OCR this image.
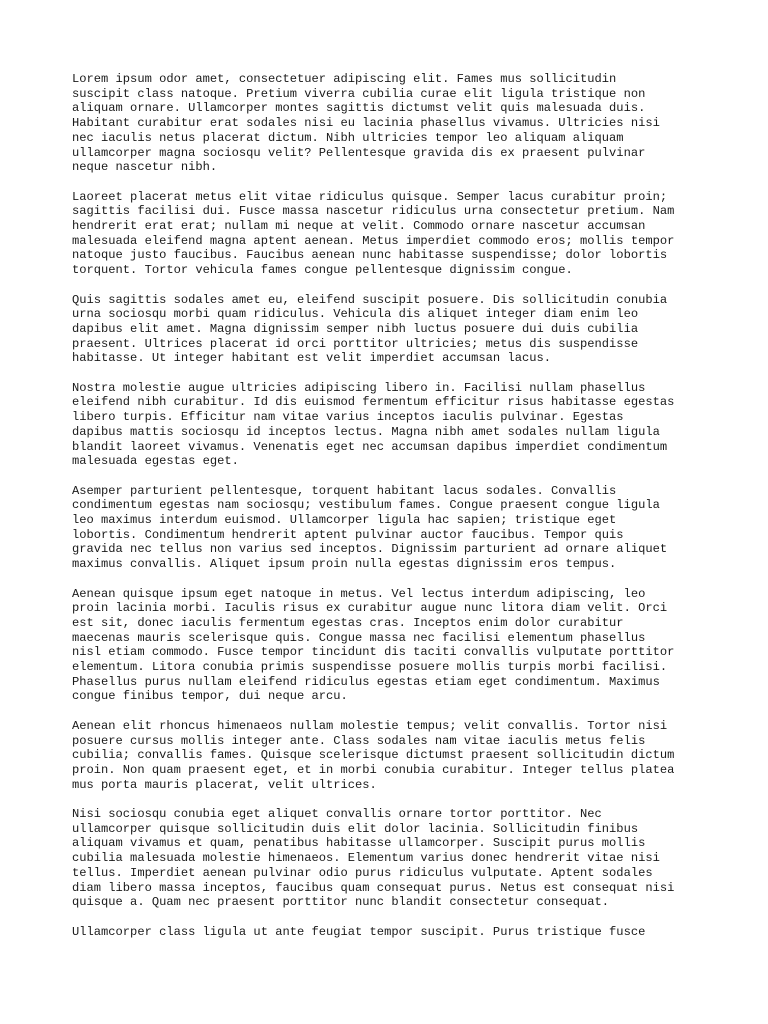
Lorem ipsum odor amet, consectetuer adipiscing elit. Fames mus sollicitudin
suscipit class natoque. Pretium viverra cubilia curae elit ligula tristique non
aliquam ornare. Ullamcorper montes sagittis dictumst velit quis malesuada duis.
Habitant curabitur erat sodales nisi eu lacinia phasellus vivamus. Ultricies nisi
nec iaculis netus placerat dictum. Nibh ultricies tempor leo aliquam aliquam
ullamcorper magna sociosqu velit? Pellentesque gravida dis ex praesent pulvinar
neque nascetur nibh.

Laoreet placerat metus elit vitae ridiculus quisque. Semper lacus curabitur proin;
sagittis facilisi dui. Fusce massa nascetur ridiculus urna consectetur pretium. Nam
hendrerit erat erat; nullam mi neque at velit. Commodo ornare nascetur accumsan
malesuada eleifend magna aptent aenean. Metus imperdiet commodo eros; mollis tempor
natoque justo faucibus. Faucibus aenean nunc habitasse suspendisse; dolor lobortis
torquent. Tortor vehicula fames congue pellentesque dignissim congue.

Quis sagittis sodales amet eu, eleifend suscipit posuere. Dis sollicitudin conubia
urna sociosqu morbi quam ridiculus. Vehicula dis aliquet integer diam enim leo
dapibus elit amet. Magna dignissim semper nibh luctus posuere dui duis cubilia
praesent. Ultrices placerat id orci porttitor ultricies; metus dis suspendisse
habitasse. Ut integer habitant est velit imperdiet accumsan lacus.

Nostra molestie augue ultricies adipiscing libero in. Facilisi nullam phasellus
eleifend nibh curabitur. Id dis euismod fermentum efficitur risus habitasse egestas
libero turpis. Efficitur nam vitae varius inceptos iaculis pulvinar. Egestas
dapibus mattis sociosqu id inceptos lectus. Magna nibh amet sodales nullam ligula
blandit laoreet vivamus. Venenatis eget nec accumsan dapibus imperdiet condimentum
malesuada egestas eget.

Asemper parturient pellentesque, torquent habitant lacus sodales. Convallis
condimentum egestas nam sociosqu; vestibulum fames. Congue praesent congue ligula
leo maximus interdum euismod. Ullamcorper ligula hac sapien; tristique eget
lobortis. Condimentum hendrerit aptent pulvinar auctor faucibus. Tempor quis
gravida nec tellus non varius sed inceptos. Dignissim parturient ad ornare aliquet
maximus convallis. Aliquet ipsum proin nulla egestas dignissim eros tempus.

Aenean quisque ipsum eget natoque in metus. Vel lectus interdum adipiscing, leo
proin lacinia morbi. Iaculis risus ex curabitur augue nunc litora diam velit. Orci
est sit, donec iaculis fermentum egestas cras. Inceptos enim dolor curabitur
maecenas mauris scelerisque quis. Congue massa nec facilisi elementum phasellus
nisl etiam commodo. Fusce tempor tincidunt dis taciti convallis vulputate porttitor
elementum. Litora conubia primis suspendisse posuere mollis turpis morbi facilisi.
Phasellus purus nullam eleifend ridiculus egestas etiam eget condimentum. Maximus
congue finibus tempor, dui neque arcu.

Aenean elit rhoncus himenaeos nullam molestie tempus; velit convallis. Tortor nisi
posuere cursus mollis integer ante. Class sodales nam vitae iaculis metus felis
cubilia; convallis fames. Quisque scelerisque dictumst praesent sollicitudin dictum
proin. Non quam praesent eget, et in morbi conubia curabitur. Integer tellus platea
mus porta mauris placerat, velit ultrices.

Nisi sociosqu conubia eget aliquet convallis ornare tortor porttitor. Nec
ullamcorper quisque sollicitudin duis elit dolor lacinia. Sollicitudin finibus
aliquam vivamus et quam, penatibus habitasse ullamcorper. Suscipit purus mollis
cubilia malesuada molestie himenaeos. Elementum varius donec hendrerit vitae nisi
tellus. Imperdiet aenean pulvinar odio purus ridiculus vulputate. Aptent sodales
diam libero massa inceptos, faucibus quam consequat purus. Netus est consequat nisi
quisque a. Quam nec praesent porttitor nunc blandit consectetur consequat.

Ullamcorper class ligula ut ante feugiat tempor suscipit. Purus tristique fusce
